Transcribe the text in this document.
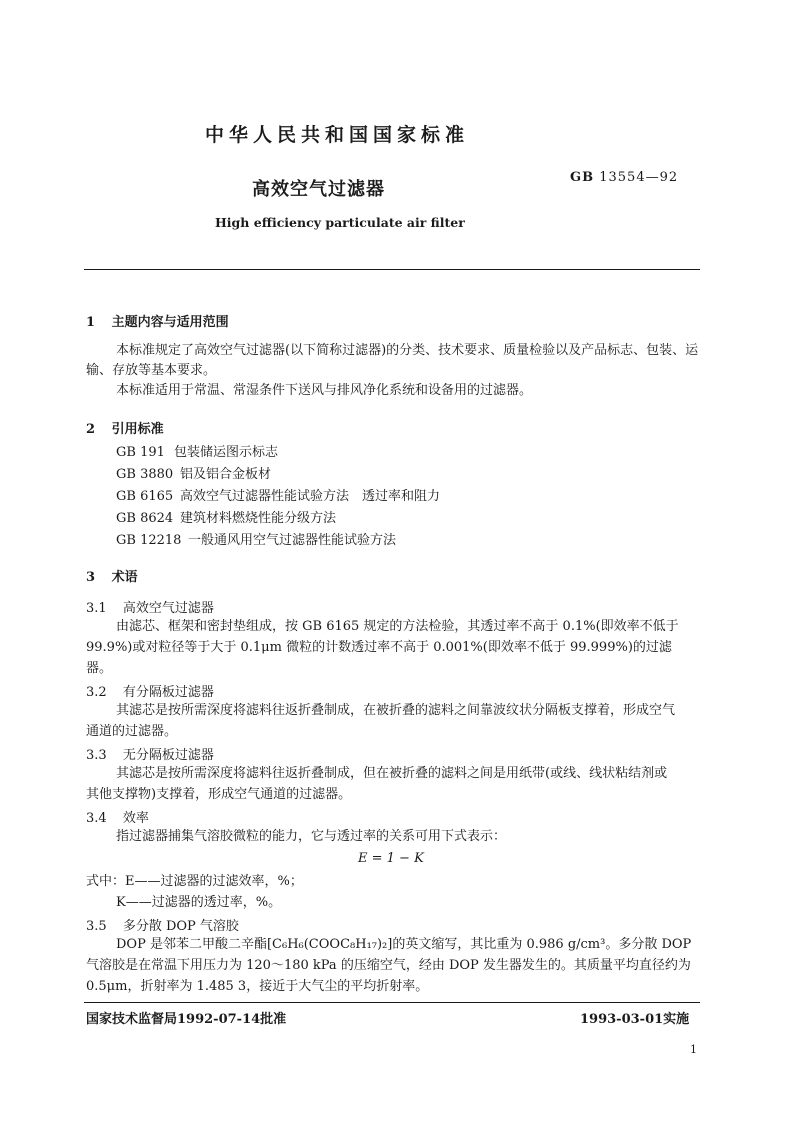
中华人民共和国国家标准
高效空气过滤器
GB 13554—92
High efficiency particulate air filter
1 主题内容与适用范围
本标准规定了高效空气过滤器(以下简称过滤器)的分类、技术要求、质量检验以及产品标志、包装、运输、存放等基本要求。
本标准适用于常温、常湿条件下送风与排风净化系统和设备用的过滤器。
2 引用标准
GB 191 包装储运图示标志
GB 3880 铝及铝合金板材
GB 6165 高效空气过滤器性能试验方法　透过率和阻力
GB 8624 建筑材料燃烧性能分级方法
GB 12218 一般通风用空气过滤器性能试验方法
3 术语
3.1 高效空气过滤器
由滤芯、框架和密封垫组成，按 GB 6165 规定的方法检验，其透过率不高于 0.1%(即效率不低于
99.9%)或对粒径等于大于 0.1μm 微粒的计数透过率不高于 0.001%(即效率不低于 99.999%)的过滤
器。
3.2 有分隔板过滤器
其滤芯是按所需深度将滤料往返折叠制成，在被折叠的滤料之间靠波纹状分隔板支撑着，形成空气
通道的过滤器。
3.3 无分隔板过滤器
其滤芯是按所需深度将滤料往返折叠制成，但在被折叠的滤料之间是用纸带(或线、线状粘结剂或
其他支撑物)支撑着，形成空气通道的过滤器。
3.4 效率
指过滤器捕集气溶胶微粒的能力，它与透过率的关系可用下式表示：
E = 1 − K
式中：E——过滤器的过滤效率，%；
K——过滤器的透过率，%。
3.5 多分散 DOP 气溶胶
DOP 是邻苯二甲酸二辛酯[C₆H₆(COOC₈H₁₇)₂]的英文缩写，其比重为 0.986 g/cm³。多分散 DOP
气溶胶是在常温下用压力为 120～180 kPa 的压缩空气，经由 DOP 发生器发生的。其质量平均直径约为
0.5μm，折射率为 1.485 3，接近于大气尘的平均折射率。
国家技术监督局1992-07-14批准	1993-03-01实施
1
